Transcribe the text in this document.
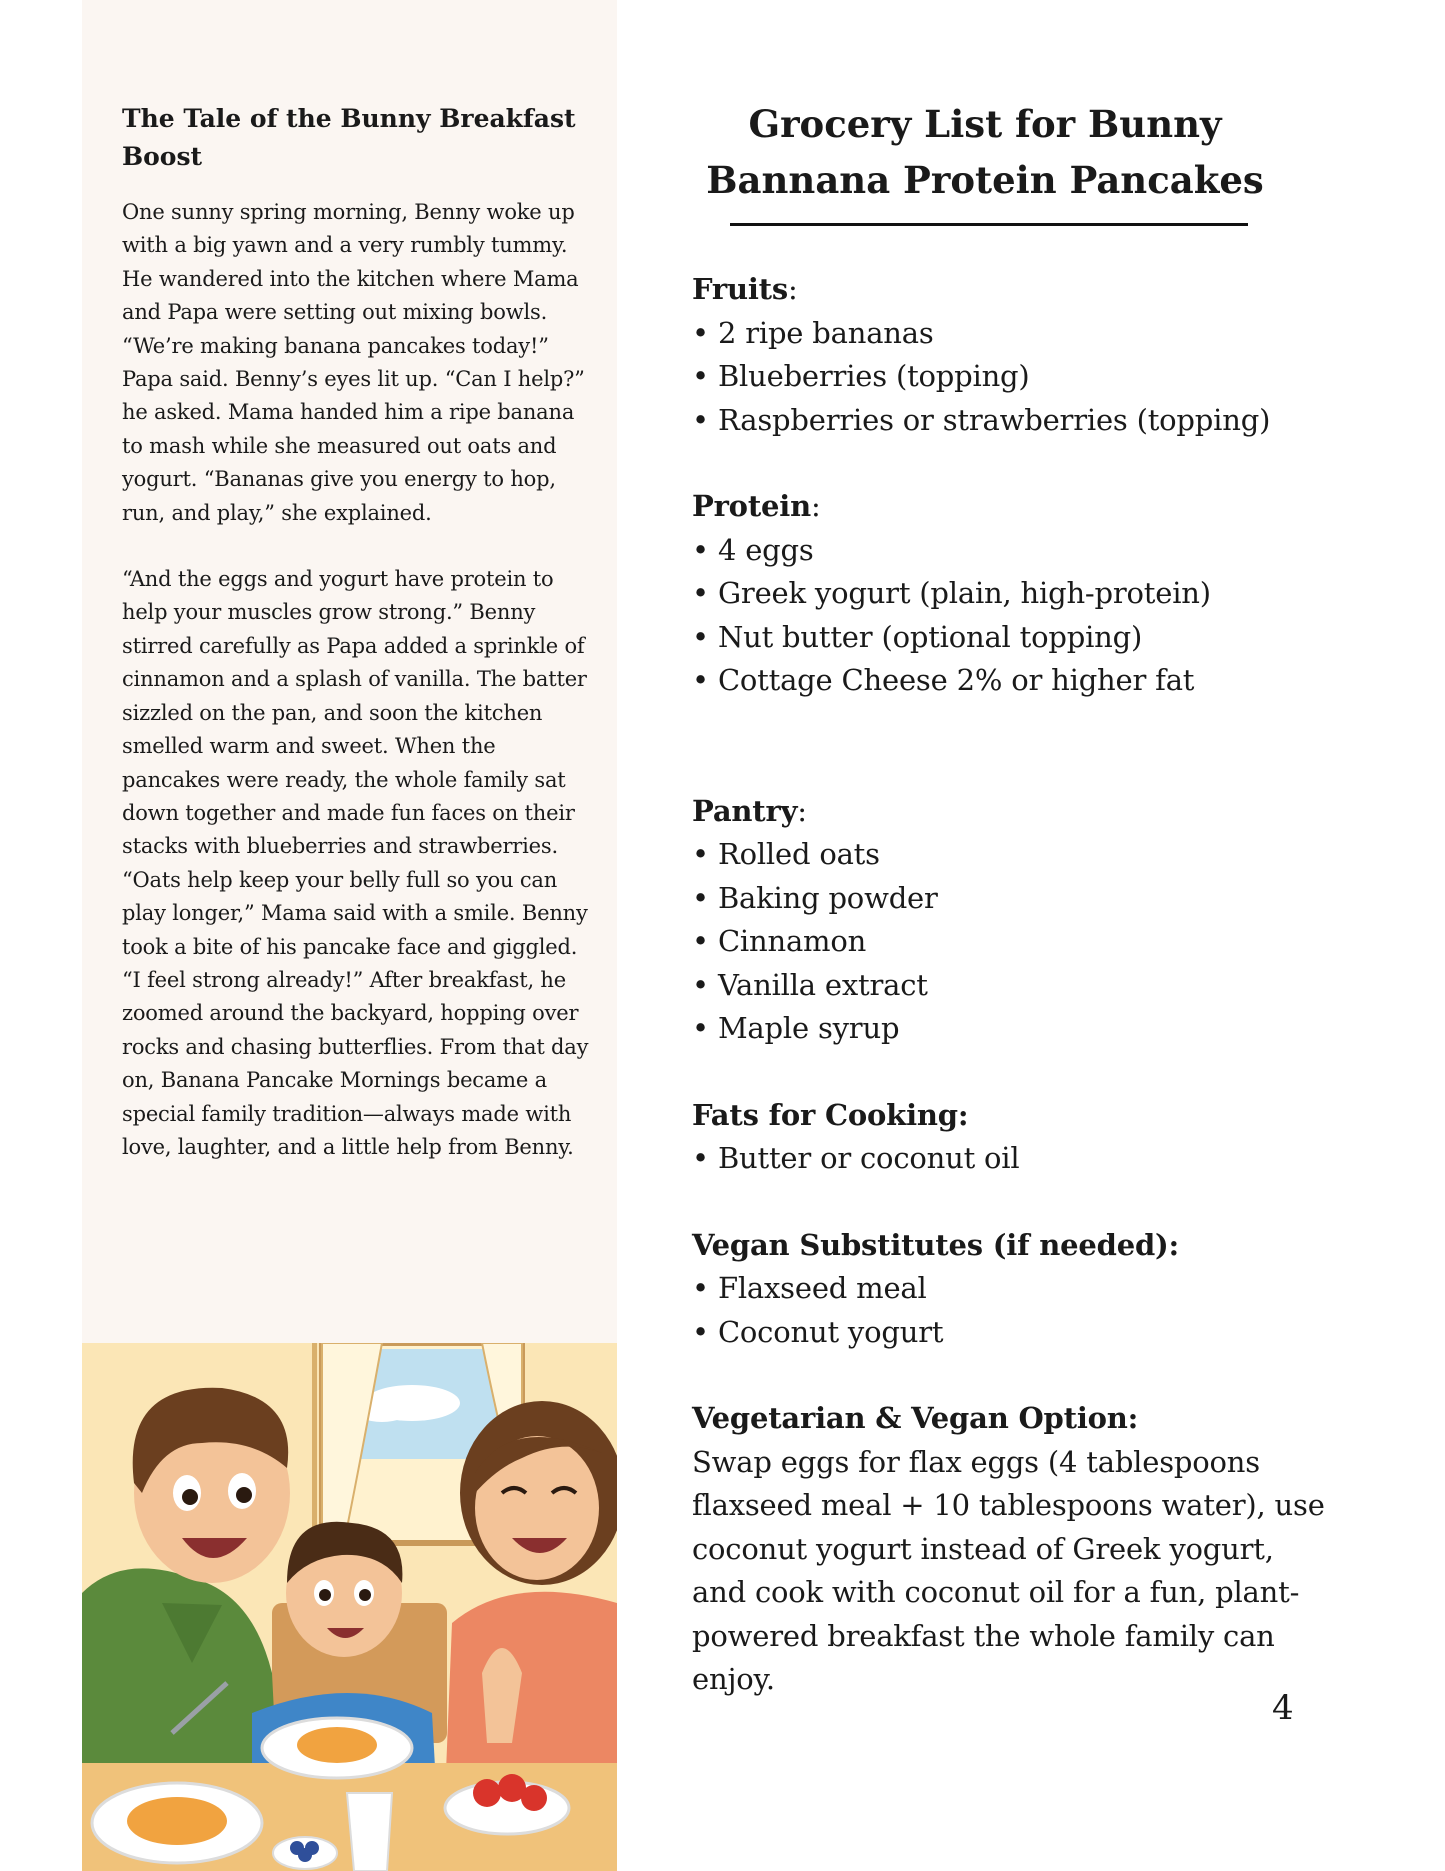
The Tale of the Bunny Breakfast Boost

One sunny spring morning, Benny woke up with a big yawn and a very rumbly tummy. He wandered into the kitchen where Mama and Papa were setting out mixing bowls. “We’re making banana pancakes today!” Papa said. Benny’s eyes lit up. “Can I help?” he asked. Mama handed him a ripe banana to mash while she measured out oats and yogurt. “Bananas give you energy to hop, run, and play,” she explained.

“And the eggs and yogurt have protein to help your muscles grow strong.” Benny stirred carefully as Papa added a sprinkle of cinnamon and a splash of vanilla. The batter sizzled on the pan, and soon the kitchen smelled warm and sweet. When the pancakes were ready, the whole family sat down together and made fun faces on their stacks with blueberries and strawberries. “Oats help keep your belly full so you can play longer,” Mama said with a smile. Benny took a bite of his pancake face and giggled. “I feel strong already!” After breakfast, he zoomed around the backyard, hopping over rocks and chasing butterflies. From that day on, Banana Pancake Mornings became a special family tradition—always made with love, laughter, and a little help from Benny.

Grocery List for Bunny
Bannana Protein Pancakes
Fruits:
• 2 ripe bananas
• Blueberries (topping)
• Raspberries or strawberries (topping)
Protein:
• 4 eggs
• Greek yogurt (plain, high-protein)
• Nut butter (optional topping)
• Cottage Cheese 2% or higher fat
Pantry:
• Rolled oats
• Baking powder
• Cinnamon
• Vanilla extract
• Maple syrup
Fats for Cooking:
• Butter or coconut oil
Vegan Substitutes (if needed):
• Flaxseed meal
• Coconut yogurt
Vegetarian & Vegan Option:

Swap eggs for flax eggs (4 tablespoons flaxseed meal + 10 tablespoons water), use coconut yogurt instead of Greek yogurt, and cook with coconut oil for a fun, plant-powered breakfast the whole family can enjoy.

4
